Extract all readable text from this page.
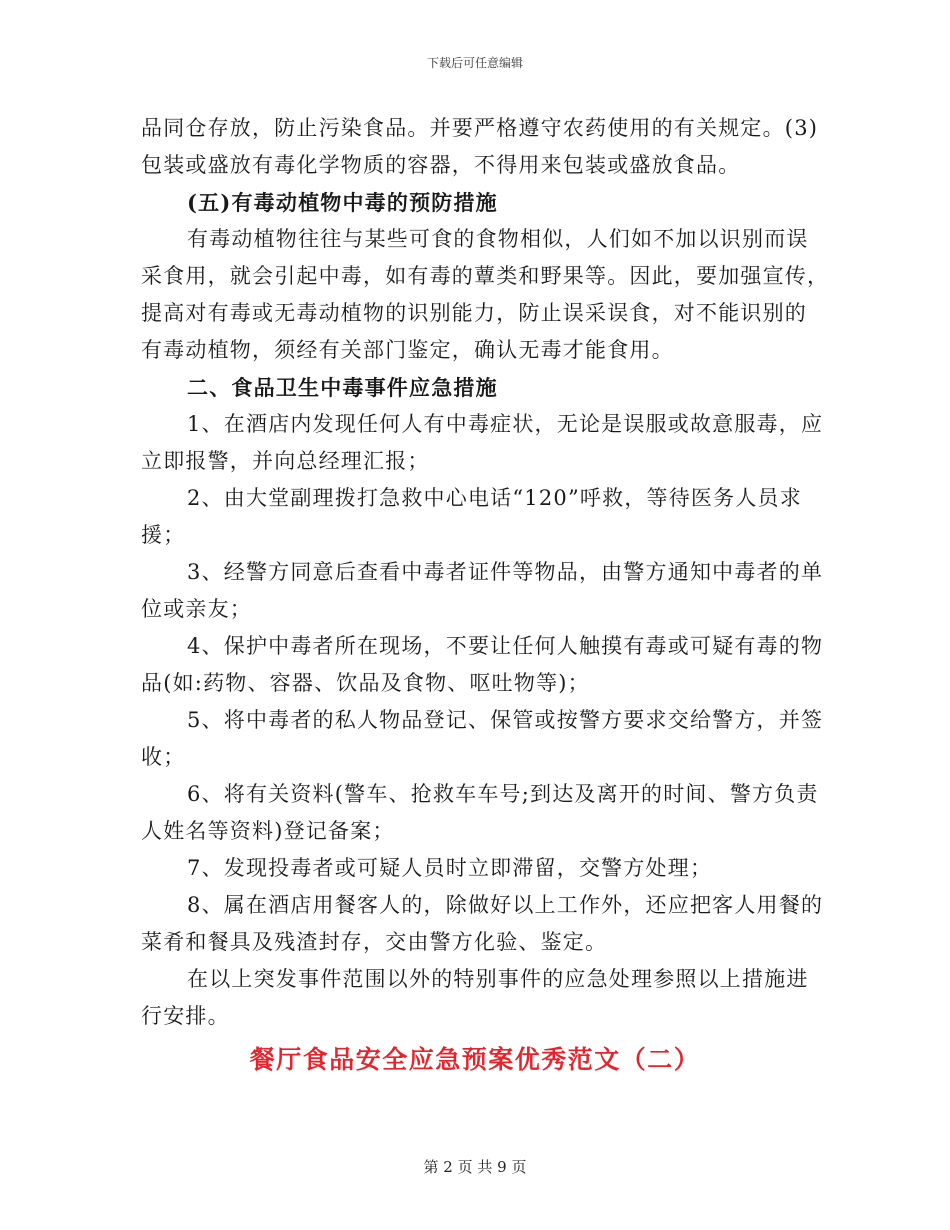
下载后可任意编辑
品同仓存放，防止污染食品。并要严格遵守农药使用的有关规定。(3)
包装或盛放有毒化学物质的容器，不得用来包装或盛放食品。
(五)有毒动植物中毒的预防措施
有毒动植物往往与某些可食的食物相似，人们如不加以识别而误
采食用，就会引起中毒，如有毒的蕈类和野果等。因此，要加强宣传，
提高对有毒或无毒动植物的识别能力，防止误采误食，对不能识别的
有毒动植物，须经有关部门鉴定，确认无毒才能食用。
二、食品卫生中毒事件应急措施
1、在酒店内发现任何人有中毒症状，无论是误服或故意服毒，应
立即报警，并向总经理汇报；
2、由大堂副理拨打急救中心电话“120”呼救，等待医务人员求
援；
3、经警方同意后查看中毒者证件等物品，由警方通知中毒者的单
位或亲友；
4、保护中毒者所在现场，不要让任何人触摸有毒或可疑有毒的物
品(如:药物、容器、饮品及食物、呕吐物等)；
5、将中毒者的私人物品登记、保管或按警方要求交给警方，并签
收；
6、将有关资料(警车、抢救车车号;到达及离开的时间、警方负责
人姓名等资料)登记备案；
7、发现投毒者或可疑人员时立即滞留，交警方处理；
8、属在酒店用餐客人的，除做好以上工作外，还应把客人用餐的
菜肴和餐具及残渣封存，交由警方化验、鉴定。
在以上突发事件范围以外的特别事件的应急处理参照以上措施进
行安排。
餐厅食品安全应急预案优秀范文（二）
第 2 页 共 9 页
